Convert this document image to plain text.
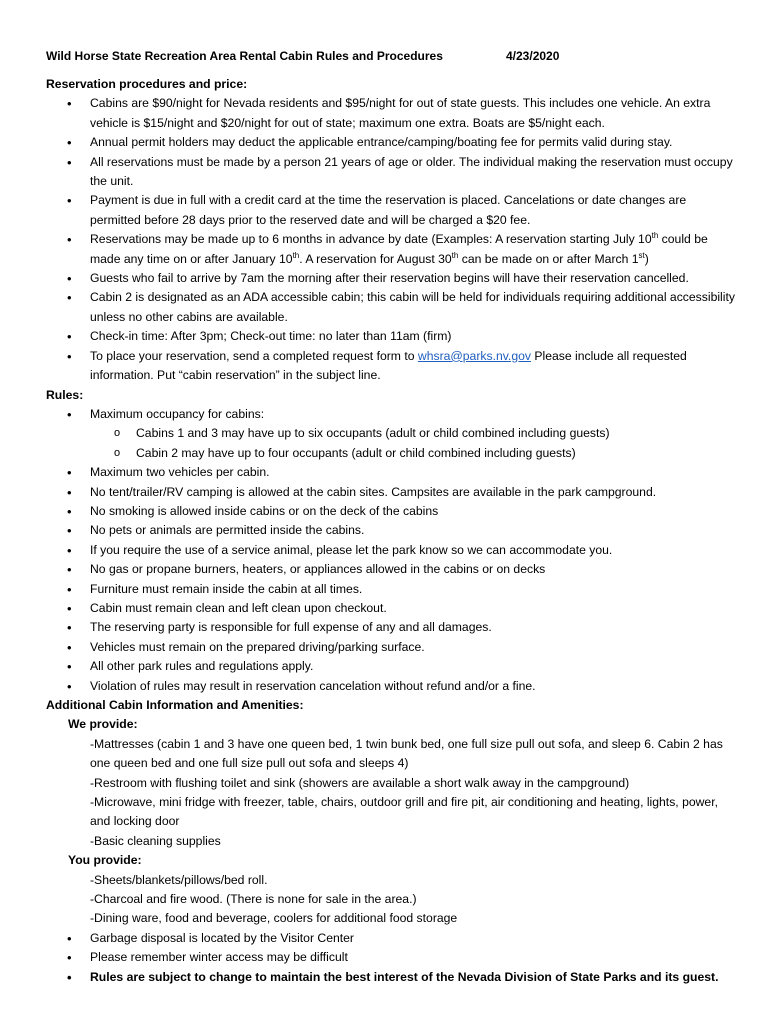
Wild Horse State Recreation Area Rental Cabin Rules and Procedures	4/23/2020
Reservation procedures and price:
• Cabins are $90/night for Nevada residents and $95/night for out of state guests. This includes one vehicle. An extra vehicle is $15/night and $20/night for out of state; maximum one extra. Boats are $5/night each.
• Annual permit holders may deduct the applicable entrance/camping/boating fee for permits valid during stay.
• All reservations must be made by a person 21 years of age or older. The individual making the reservation must occupy the unit.
• Payment is due in full with a credit card at the time the reservation is placed. Cancelations or date changes are permitted before 28 days prior to the reserved date and will be charged a $20 fee.
• Reservations may be made up to 6 months in advance by date (Examples: A reservation starting July 10th could be made any time on or after January 10th. A reservation for August 30th can be made on or after March 1st)
• Guests who fail to arrive by 7am the morning after their reservation begins will have their reservation cancelled.
• Cabin 2 is designated as an ADA accessible cabin; this cabin will be held for individuals requiring additional accessibility unless no other cabins are available.
• Check-in time: After 3pm; Check-out time: no later than 11am (firm)
• To place your reservation, send a completed request form to whsra@parks.nv.gov Please include all requested information. Put “cabin reservation” in the subject line.
Rules:
• Maximum occupancy for cabins:
o Cabins 1 and 3 may have up to six occupants (adult or child combined including guests)
o Cabin 2 may have up to four occupants (adult or child combined including guests)
• Maximum two vehicles per cabin.
• No tent/trailer/RV camping is allowed at the cabin sites. Campsites are available in the park campground.
• No smoking is allowed inside cabins or on the deck of the cabins
• No pets or animals are permitted inside the cabins.
• If you require the use of a service animal, please let the park know so we can accommodate you.
• No gas or propane burners, heaters, or appliances allowed in the cabins or on decks
• Furniture must remain inside the cabin at all times.
• Cabin must remain clean and left clean upon checkout.
• The reserving party is responsible for full expense of any and all damages.
• Vehicles must remain on the prepared driving/parking surface.
• All other park rules and regulations apply.
• Violation of rules may result in reservation cancelation without refund and/or a fine.
Additional Cabin Information and Amenities:
We provide:
-Mattresses (cabin 1 and 3 have one queen bed, 1 twin bunk bed, one full size pull out sofa, and sleep 6. Cabin 2 has one queen bed and one full size pull out sofa and sleeps 4)
-Restroom with flushing toilet and sink (showers are available a short walk away in the campground)
-Microwave, mini fridge with freezer, table, chairs, outdoor grill and fire pit, air conditioning and heating, lights, power, and locking door
-Basic cleaning supplies
You provide:
-Sheets/blankets/pillows/bed roll.
-Charcoal and fire wood. (There is none for sale in the area.)
-Dining ware, food and beverage, coolers for additional food storage
• Garbage disposal is located by the Visitor Center
• Please remember winter access may be difficult
• Rules are subject to change to maintain the best interest of the Nevada Division of State Parks and its guest.
